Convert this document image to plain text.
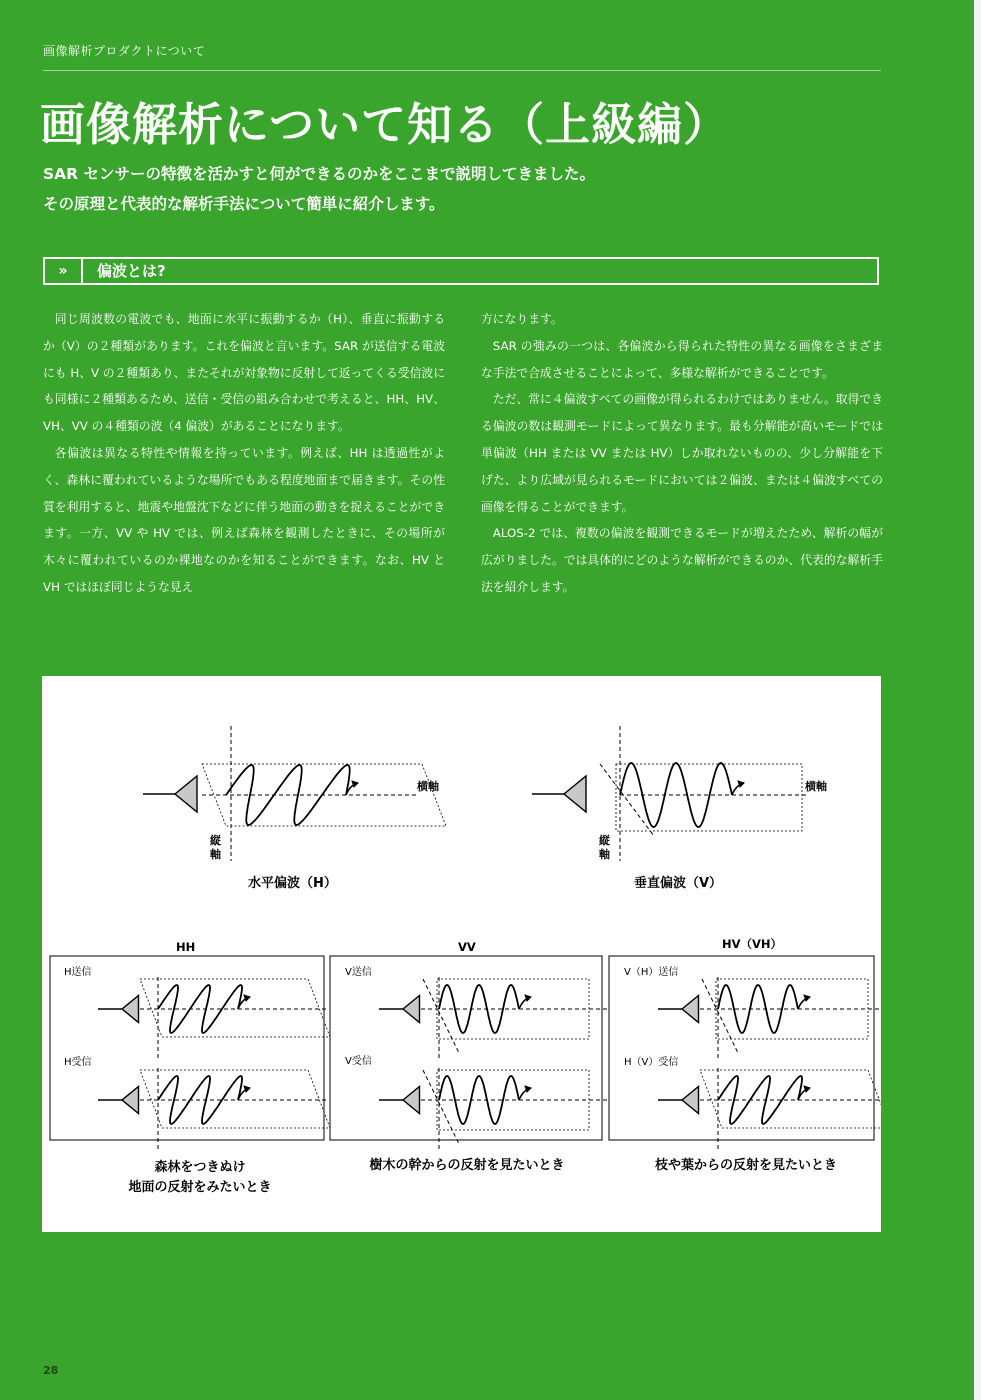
画像解析プロダクトについて
画像解析について知る（上級編）

SAR センサーの特徴を活かすと何ができるのかをここまで説明してきました。
その原理と代表的な解析手法について簡単に紹介します。

»	偏波とは?

同じ周波数の電波でも、地面に水平に振動するか（H）、垂直に振動するか（V）の２種類があります。これを偏波と言います。SAR が送信する電波にも H、V の２種類あり、またそれが対象物に反射して返ってくる受信波にも同様に２種類あるため、送信・受信の組み合わせで考えると、HH、HV、VH、VV の４種類の波（4 偏波）があることになります。

各偏波は異なる特性や情報を持っています。例えば、HH は透過性がよく、森林に覆われているような場所でもある程度地面まで届きます。その性質を利用すると、地震や地盤沈下などに伴う地面の動きを捉えることができます。一方、VV や HV では、例えば森林を観測したときに、その場所が木々に覆われているのか裸地なのかを知ることができます。なお、HV と VH ではほぼ同じような見え

方になります。

SAR の強みの一つは、各偏波から得られた特性の異なる画像をさまざまな手法で合成させることによって、多様な解析ができることです。

ただ、常に４偏波すべての画像が得られるわけではありません。取得できる偏波の数は観測モードによって異なります。最も分解能が高いモードでは単偏波（HH または VV または HV）しか取れないものの、少し分解能を下げた、より広域が見られるモードにおいては２偏波、または４偏波すべての画像を得ることができます。

ALOS-2 では、複数の偏波を観測できるモードが増えたため、解析の幅が広がりました。では具体的にどのような解析ができるのか、代表的な解析手法を紹介します。

横軸
縦軸
水平偏波（H）
横軸
縦軸
垂直偏波（V）
HH	VV	HV（VH）
H送信
H受信
V送信
V受信
V（H）送信
H（V）受信
森林をつきぬけ
地面の反射をみたいとき
樹木の幹からの反射を見たいとき	枝や葉からの反射を見たいとき
28
